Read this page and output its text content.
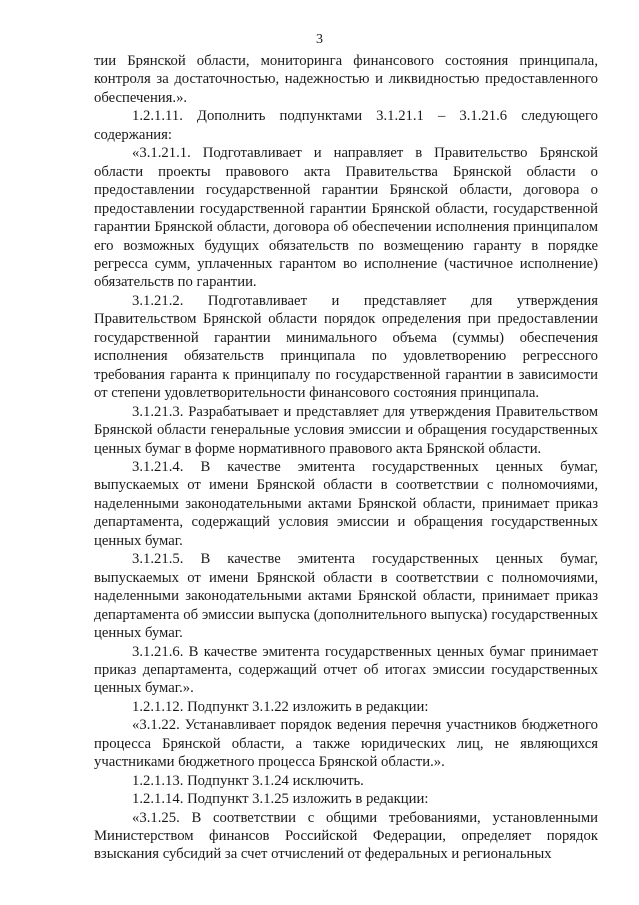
3

тии Брянской области, мониторинга финансового состояния принципала, контроля за достаточностью, надежностью и ликвидностью предоставленного обеспечения.».

1.2.1.11. Дополнить подпунктами 3.1.21.1 – 3.1.21.6 следующего содержания:

«3.1.21.1. Подготавливает и направляет в Правительство Брянской области проекты правового акта Правительства Брянской области о предоставлении государственной гарантии Брянской области, договора о предоставлении государственной гарантии Брянской области, государственной гарантии Брянской области, договора об обеспечении исполнения принципалом его возможных будущих обязательств по возмещению гаранту в порядке регресса сумм, уплаченных гарантом во исполнение (частичное исполнение) обязательств по гарантии.

3.1.21.2. Подготавливает и представляет для утверждения Правительством Брянской области порядок определения при предоставлении государственной гарантии минимального объема (суммы) обеспечения исполнения обязательств принципала по удовлетворению регрессного требования гаранта к принципалу по государственной гарантии в зависимости от степени удовлетворительности финансового состояния принципала.

3.1.21.3. Разрабатывает и представляет для утверждения Правительством Брянской области генеральные условия эмиссии и обращения государственных ценных бумаг в форме нормативного правового акта Брянской области.

3.1.21.4. В качестве эмитента государственных ценных бумаг, выпускаемых от имени Брянской области в соответствии с полномочиями, наделенными законодательными актами Брянской области, принимает приказ департамента, содержащий условия эмиссии и обращения государственных ценных бумаг.

3.1.21.5. В качестве эмитента государственных ценных бумаг, выпускаемых от имени Брянской области в соответствии с полномочиями, наделенными законодательными актами Брянской области, принимает приказ департамента об эмиссии выпуска (дополнительного выпуска) государственных ценных бумаг.

3.1.21.6. В качестве эмитента государственных ценных бумаг принимает приказ департамента, содержащий отчет об итогах эмиссии государственных ценных бумаг.».

1.2.1.12. Подпункт 3.1.22 изложить в редакции:

«3.1.22. Устанавливает порядок ведения перечня участников бюджетного процесса Брянской области, а также юридических лиц, не являющихся участниками бюджетного процесса Брянской области.».

1.2.1.13. Подпункт 3.1.24 исключить.

1.2.1.14. Подпункт 3.1.25 изложить в редакции:

«3.1.25. В соответствии с общими требованиями, установленными Министерством финансов Российской Федерации, определяет порядок взыскания субсидий за счет отчислений от федеральных и региональных
